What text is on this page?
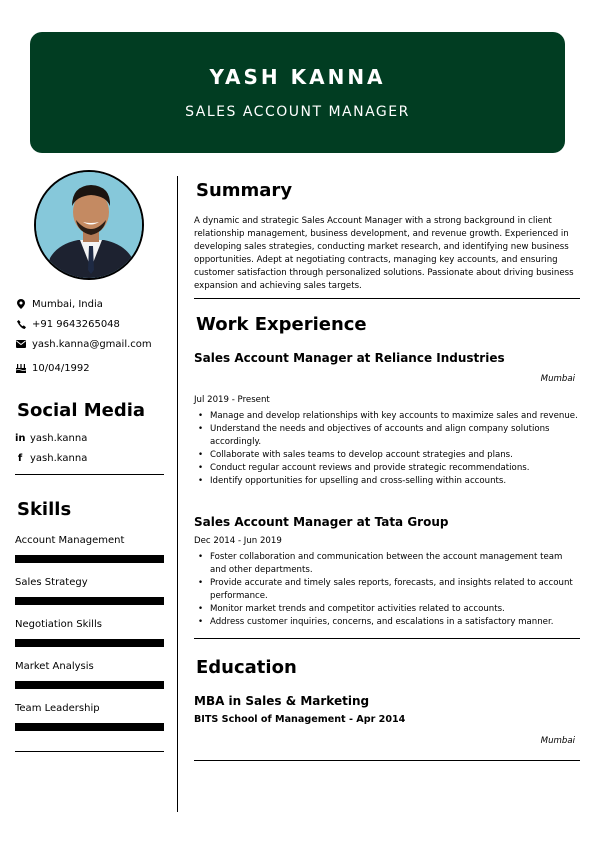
YASH KANNA
SALES ACCOUNT MANAGER
Mumbai, India
+91 9643265048
yash.kanna@gmail.com
10/04/1992
Social Media
in yash.kanna
f yash.kanna
Skills
Account Management
Sales Strategy
Negotiation Skills
Market Analysis
Team Leadership
Summary
A dynamic and strategic Sales Account Manager with a strong background in client relationship management, business development, and revenue growth. Experienced in developing sales strategies, conducting market research, and identifying new business opportunities. Adept at negotiating contracts, managing key accounts, and ensuring customer satisfaction through personalized solutions. Passionate about driving business expansion and achieving sales targets.
Work Experience
Sales Account Manager at Reliance Industries
Mumbai
Jul 2019 - Present
• Manage and develop relationships with key accounts to maximize sales and revenue.
• Understand the needs and objectives of accounts and align company solutions accordingly.
• Collaborate with sales teams to develop account strategies and plans.
• Conduct regular account reviews and provide strategic recommendations.
• Identify opportunities for upselling and cross-selling within accounts.
Sales Account Manager at Tata Group
Dec 2014 - Jun 2019
• Foster collaboration and communication between the account management team and other departments.
• Provide accurate and timely sales reports, forecasts, and insights related to account performance.
• Monitor market trends and competitor activities related to accounts.
• Address customer inquiries, concerns, and escalations in a satisfactory manner.
Education
MBA in Sales & Marketing
BITS School of Management - Apr 2014
Mumbai
